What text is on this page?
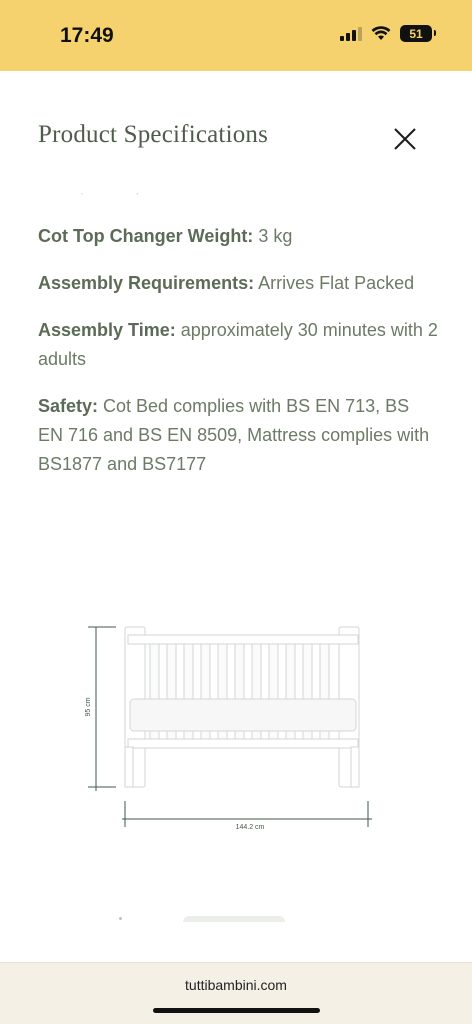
17:49	51
Product Specifications
· ·

Cot Top Changer Weight: 3 kg

Assembly Requirements: Arrives Flat Packed

Assembly Time: approximately 30 minutes with 2 adults

Safety: Cot Bed complies with BS EN 713, BS EN 716 and BS EN 8509, Mattress complies with BS1877 and BS7177

95 cm
144.2 cm
tuttibambini.com
